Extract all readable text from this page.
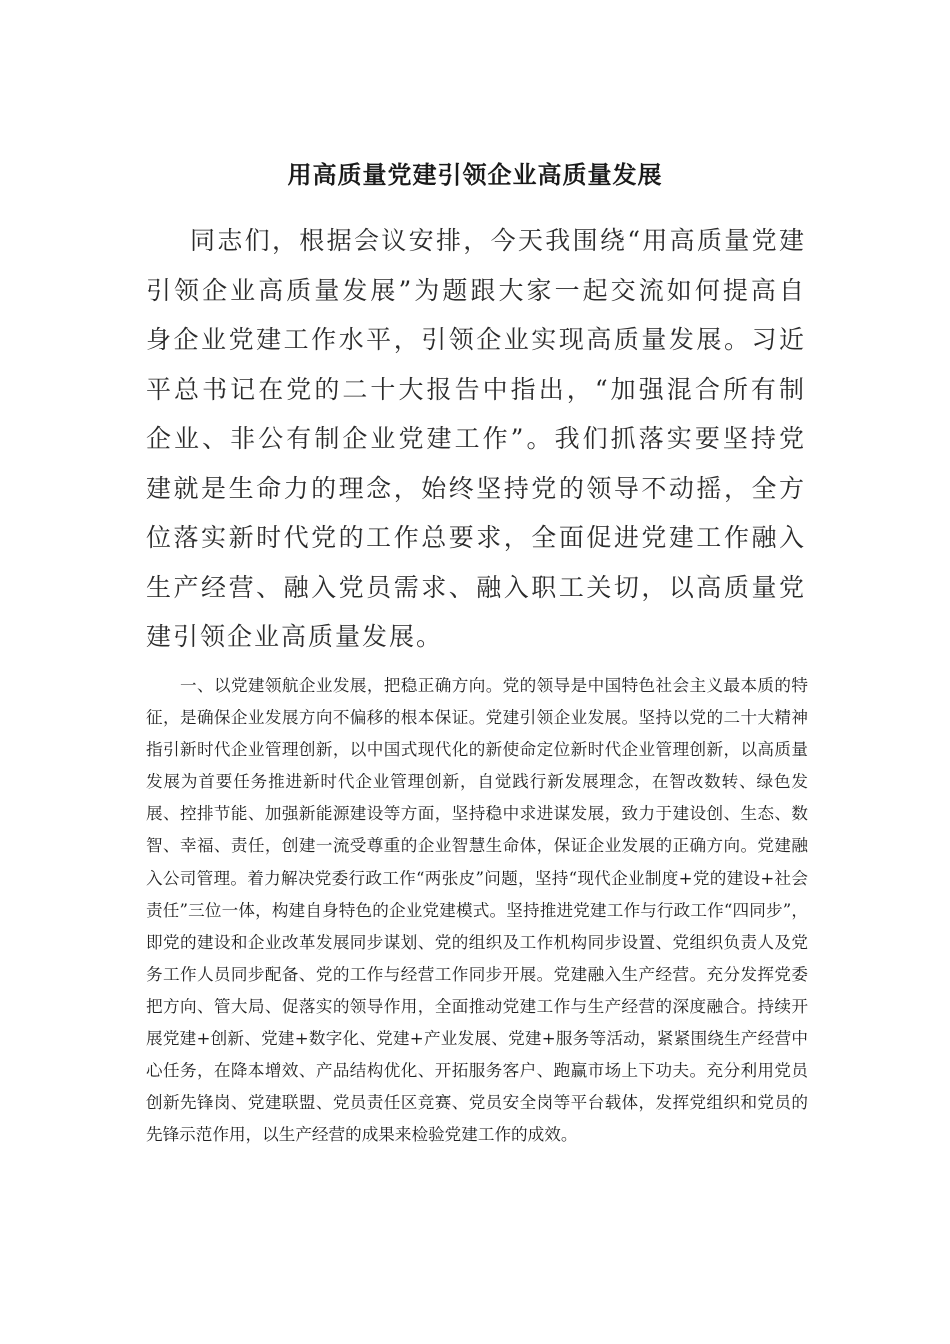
用高质量党建引领企业高质量发展

同志们，根据会议安排，今天我围绕“用高质量党建引领企业高质量发展”为题跟大家一起交流如何提高自身企业党建工作水平，引领企业实现高质量发展。习近平总书记在党的二十大报告中指出，“加强混合所有制企业、非公有制企业党建工作”。我们抓落实要坚持党建就是生命力的理念，始终坚持党的领导不动摇，全方位落实新时代党的工作总要求，全面促进党建工作融入生产经营、融入党员需求、融入职工关切，以高质量党建引领企业高质量发展。

一、以党建领航企业发展，把稳正确方向。党的领导是中国特色社会主义最本质的特征，是确保企业发展方向不偏移的根本保证。党建引领企业发展。坚持以党的二十大精神指引新时代企业管理创新，以中国式现代化的新使命定位新时代企业管理创新，以高质量发展为首要任务推进新时代企业管理创新，自觉践行新发展理念，在智改数转、绿色发展、控排节能、加强新能源建设等方面，坚持稳中求进谋发展，致力于建设创、生态、数智、幸福、责任，创建一流受尊重的企业智慧生命体，保证企业发展的正确方向。党建融入公司管理。着力解决党委行政工作“两张皮”问题，坚持“现代企业制度+党的建设+社会责任”三位一体，构建自身特色的企业党建模式。坚持推进党建工作与行政工作“四同步”，即党的建设和企业改革发展同步谋划、党的组织及工作机构同步设置、党组织负责人及党务工作人员同步配备、党的工作与经营工作同步开展。党建融入生产经营。充分发挥党委把方向、管大局、促落实的领导作用，全面推动党建工作与生产经营的深度融合。持续开展党建+创新、党建+数字化、党建+产业发展、党建+服务等活动，紧紧围绕生产经营中心任务，在降本增效、产品结构优化、开拓服务客户、跑赢市场上下功夫。充分利用党员创新先锋岗、党建联盟、党员责任区竞赛、党员安全岗等平台载体，发挥党组织和党员的先锋示范作用，以生产经营的成果来检验党建工作的成效。
